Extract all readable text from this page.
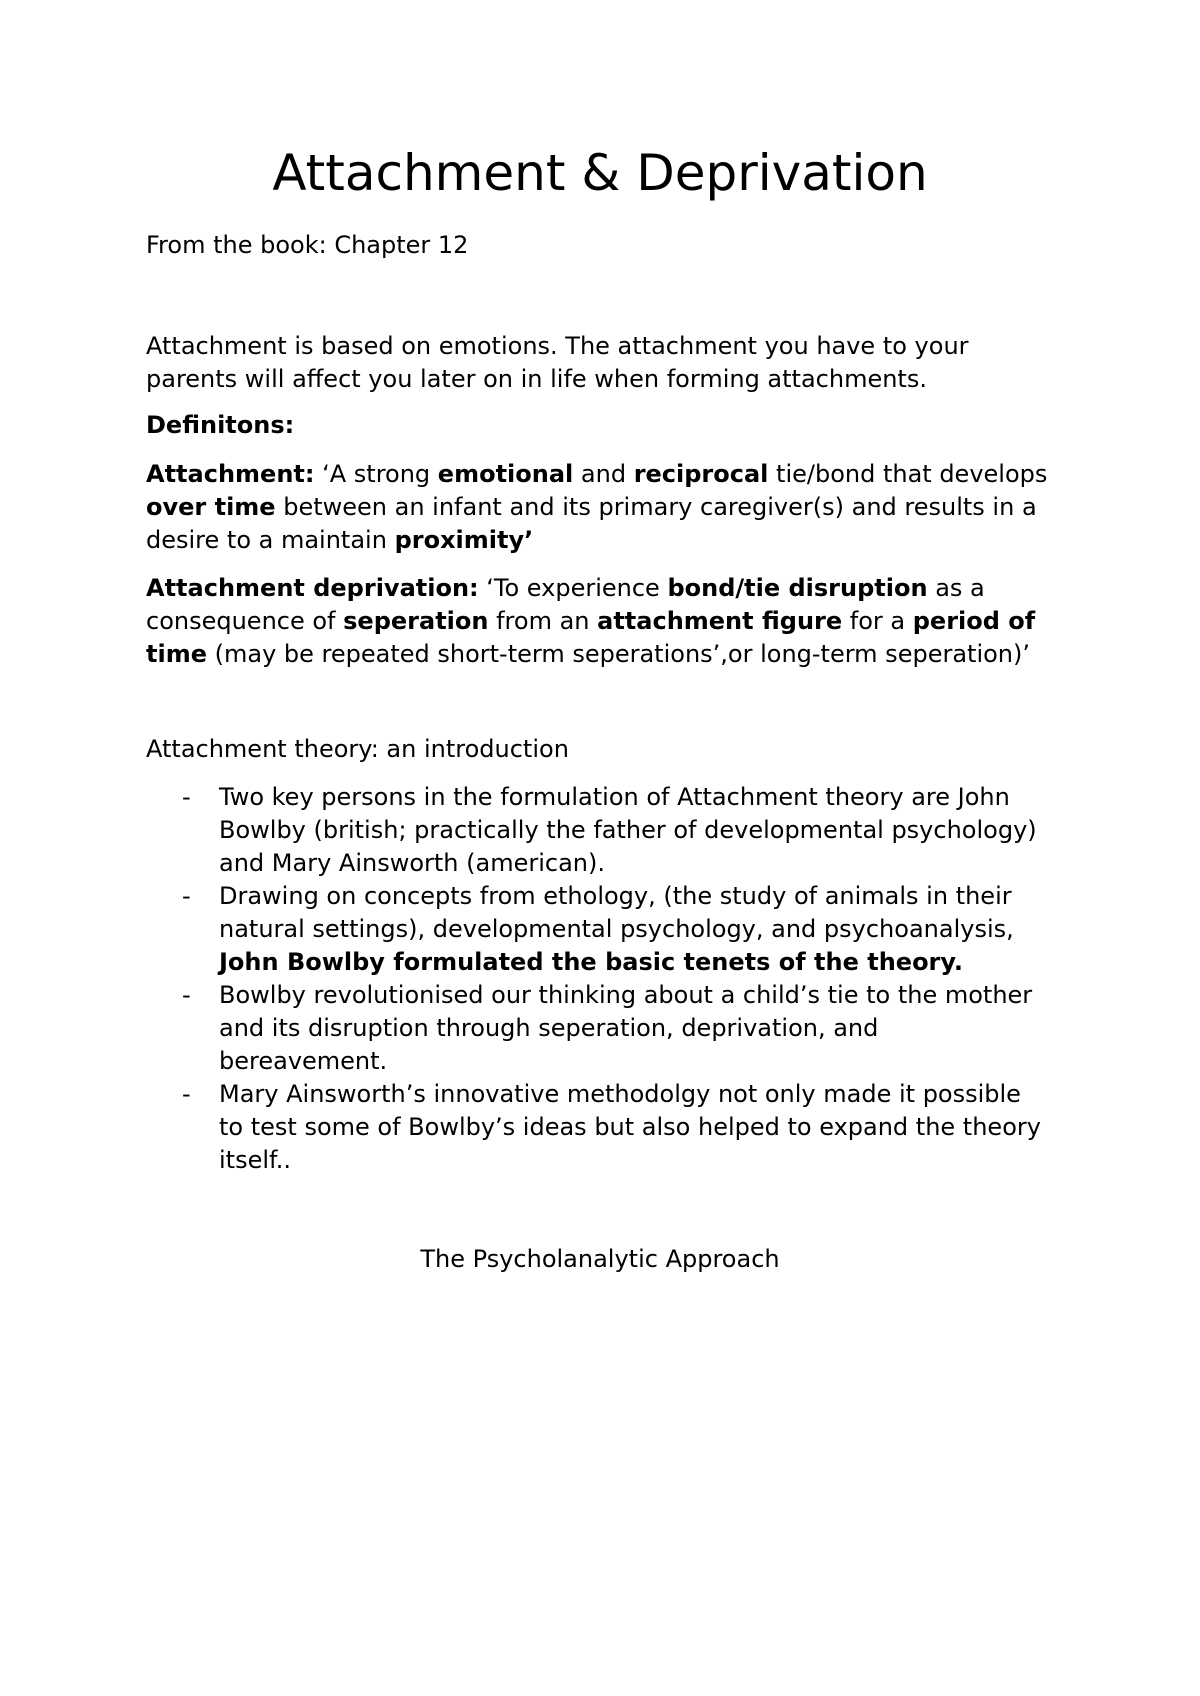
Attachment & Deprivation

From the book: Chapter 12

Attachment is based on emotions. The attachment you have to your
parents will affect you later on in life when forming attachments.

Definitons:

Attachment: ‘A strong emotional and reciprocal tie/bond that develops
over time between an infant and its primary caregiver(s) and results in a
desire to a maintain proximity’

Attachment deprivation: ‘To experience bond/tie disruption as a
consequence of seperation from an attachment figure for a period of
time (may be repeated short-term seperations’,or long-term seperation)’

Attachment theory: an introduction

- Two key persons in the formulation of Attachment theory are John
Bowlby (british; practically the father of developmental psychology)
and Mary Ainsworth (american).
- Drawing on concepts from ethology, (the study of animals in their
natural settings), developmental psychology, and psychoanalysis,
John Bowlby formulated the basic tenets of the theory.
- Bowlby revolutionised our thinking about a child’s tie to the mother
and its disruption through seperation, deprivation, and
bereavement.
- Mary Ainsworth’s innovative methodolgy not only made it possible
to test some of Bowlby’s ideas but also helped to expand the theory
itself..

The Psycholanalytic Approach
